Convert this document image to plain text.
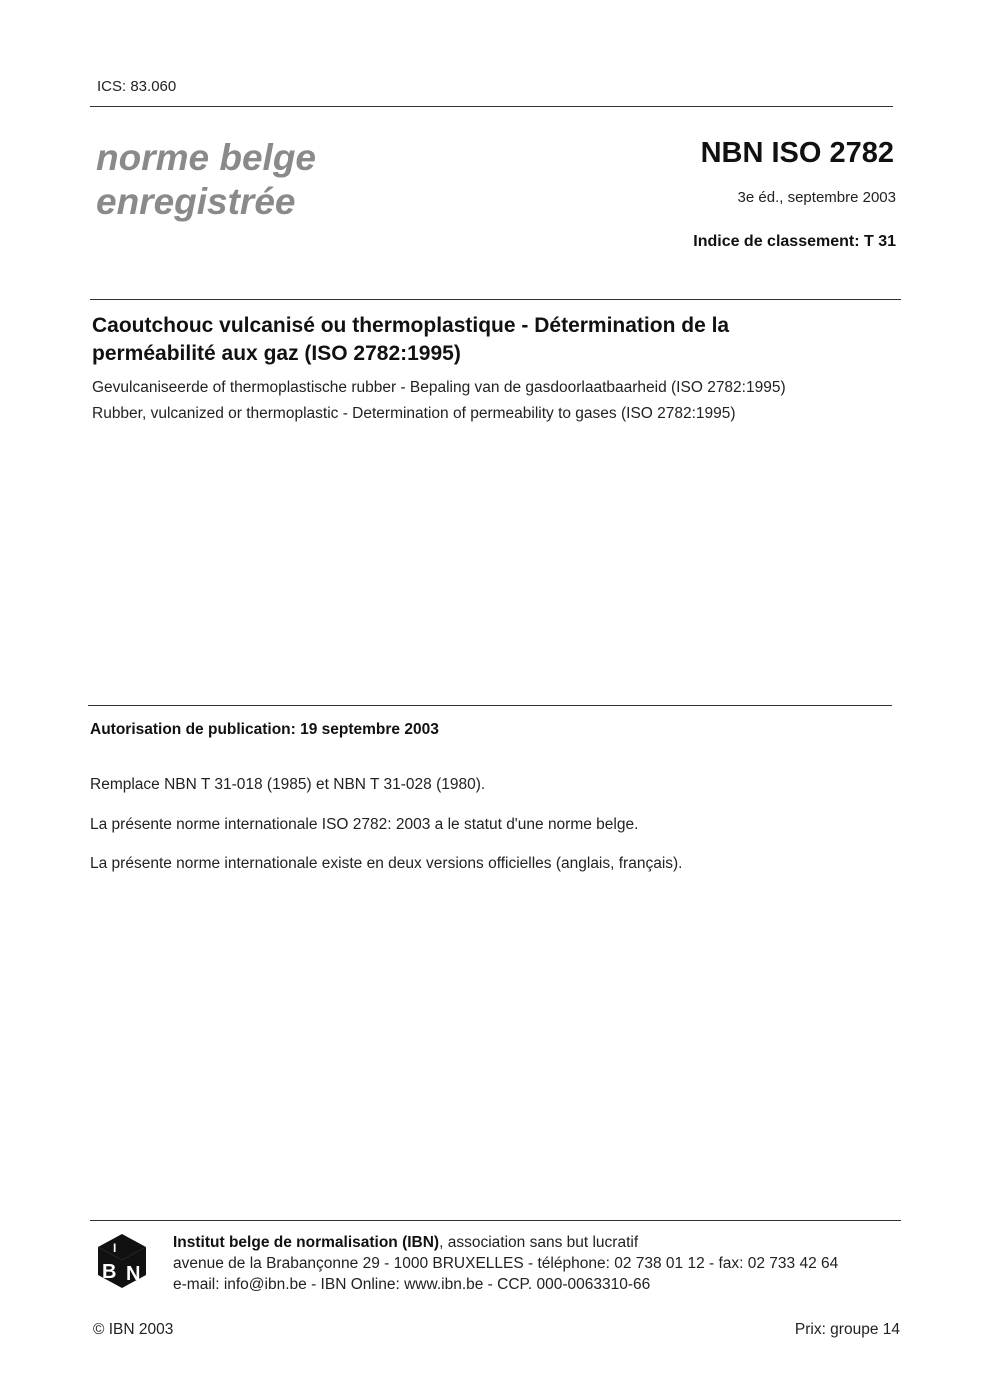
ICS: 83.060
norme belge
enregistrée
NBN ISO 2782
3e éd., septembre 2003
Indice de classement: T 31
Caoutchouc vulcanisé ou thermoplastique - Détermination de la
perméabilité aux gaz (ISO 2782:1995)
Gevulcaniseerde of thermoplastische rubber - Bepaling van de gasdoorlaatbaarheid (ISO 2782:1995)
Rubber, vulcanized or thermoplastic - Determination of permeability to gases (ISO 2782:1995)
Autorisation de publication: 19 septembre 2003
Remplace NBN T 31-018 (1985) et NBN T 31-028 (1980).
La présente norme internationale ISO 2782: 2003 a le statut d'une norme belge.
La présente norme internationale existe en deux versions officielles (anglais, français).
I
B N
Institut belge de normalisation (IBN), association sans but lucratif
avenue de la Brabançonne 29 - 1000 BRUXELLES - téléphone: 02 738 01 12 - fax: 02 733 42 64
e-mail: info@ibn.be - IBN Online: www.ibn.be - CCP. 000-0063310-66
© IBN 2003	Prix: groupe 14
